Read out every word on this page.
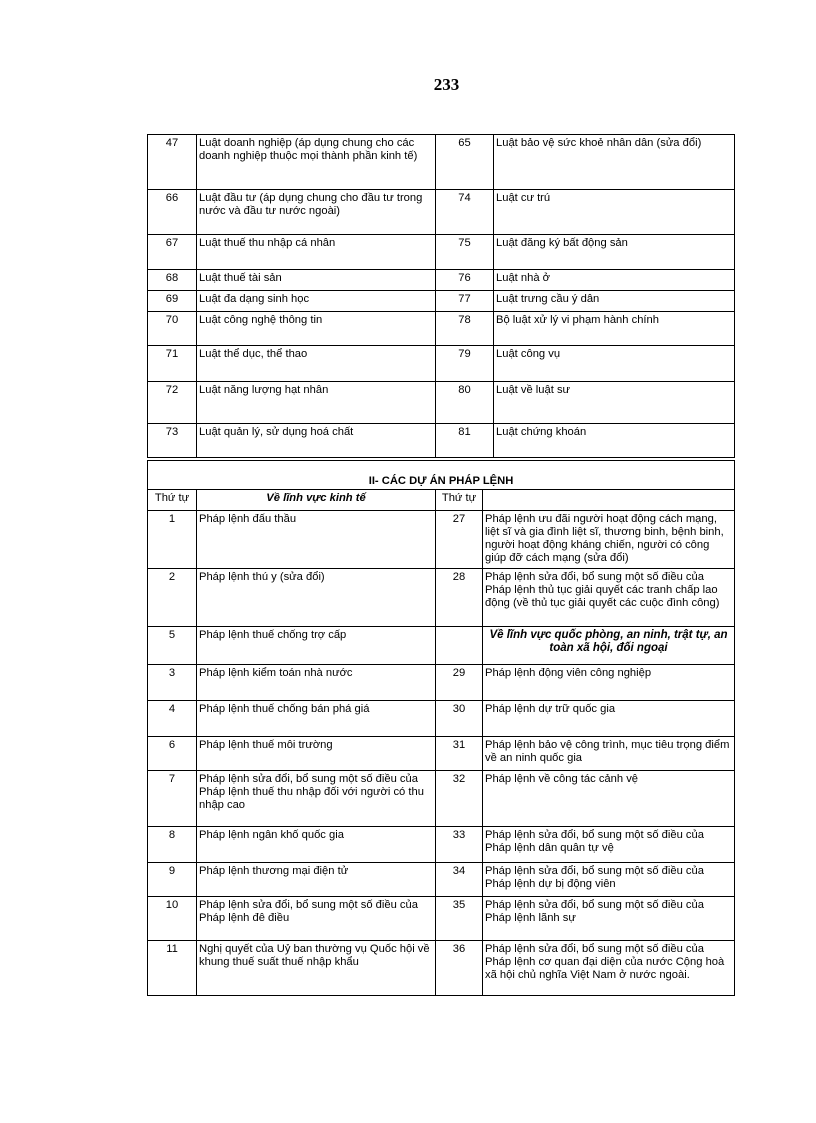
233
47	Luật doanh nghiệp (áp dụng chung cho các doanh nghiệp thuộc mọi thành phần kinh tế)	65	Luật bảo vệ sức khoẻ nhân dân (sửa đổi)
66	Luật đầu tư (áp dụng chung cho đầu tư trong nước và đầu tư nước ngoài)	74	Luật cư trú
67	Luật thuế thu nhập cá nhân	75	Luật đăng ký bất động sản
68	Luật thuế tài sản	76	Luật nhà ở
69	Luật đa dạng sinh học	77	Luật trưng cầu ý dân
70	Luật công nghệ thông tin	78	Bộ luật xử lý vi phạm hành chính
71	Luật thể dục, thể thao	79	Luật công vụ
72	Luật năng lượng hạt nhân	80	Luật về luật sư
73	Luật quản lý, sử dụng hoá chất	81	Luật chứng khoán
II- CÁC DỰ ÁN PHÁP LỆNH			
Thứ tự	Về lĩnh vực kinh tế	Thứ tự	
1	Pháp lệnh đấu thầu	27	Pháp lệnh ưu đãi người hoạt động cách mạng, liệt sĩ và gia đình liệt sĩ, thương binh, bệnh binh, người hoạt động kháng chiến, người có công giúp đỡ cách mạng (sửa đổi)
2	Pháp lệnh thú y (sửa đổi)	28	Pháp lệnh sửa đổi, bổ sung một số điều của Pháp lệnh thủ tục giải quyết các tranh chấp lao động (về thủ tục giải quyết các cuộc đình công)
5	Pháp lệnh thuế chống trợ cấp		Về lĩnh vực quốc phòng, an ninh, trật tự, an toàn xã hội, đối ngoại
3	Pháp lệnh kiểm toán nhà nước	29	Pháp lệnh động viên công nghiệp
4	Pháp lệnh thuế chống bán phá giá	30	Pháp lệnh dự trữ quốc gia
6	Pháp lệnh thuế môi trường	31	Pháp lệnh bảo vệ công trình, mục tiêu trọng điểm về an ninh quốc gia
7	Pháp lệnh sửa đổi, bổ sung một số điều của Pháp lệnh thuế thu nhập đối với người có thu nhập cao	32	Pháp lệnh về công tác cảnh vệ
8	Pháp lệnh ngân khố quốc gia	33	Pháp lệnh sửa đổi, bổ sung một số điều của Pháp lệnh dân quân tự vệ
9	Pháp lệnh thương mại điện tử	34	Pháp lệnh sửa đổi, bổ sung một số điều của Pháp lệnh dự bị động viên
10	Pháp lệnh sửa đổi, bổ sung một số điều của Pháp lệnh đê điều	35	Pháp lệnh sửa đổi, bổ sung một số điều của Pháp lệnh lãnh sự
11	Nghị quyết của Uỷ ban thường vụ Quốc hội về khung thuế suất thuế nhập khẩu	36	Pháp lệnh sửa đổi, bổ sung một số điều của Pháp lệnh cơ quan đại diện của nước Cộng hoà xã hội chủ nghĩa Việt Nam ở nước ngoài.
